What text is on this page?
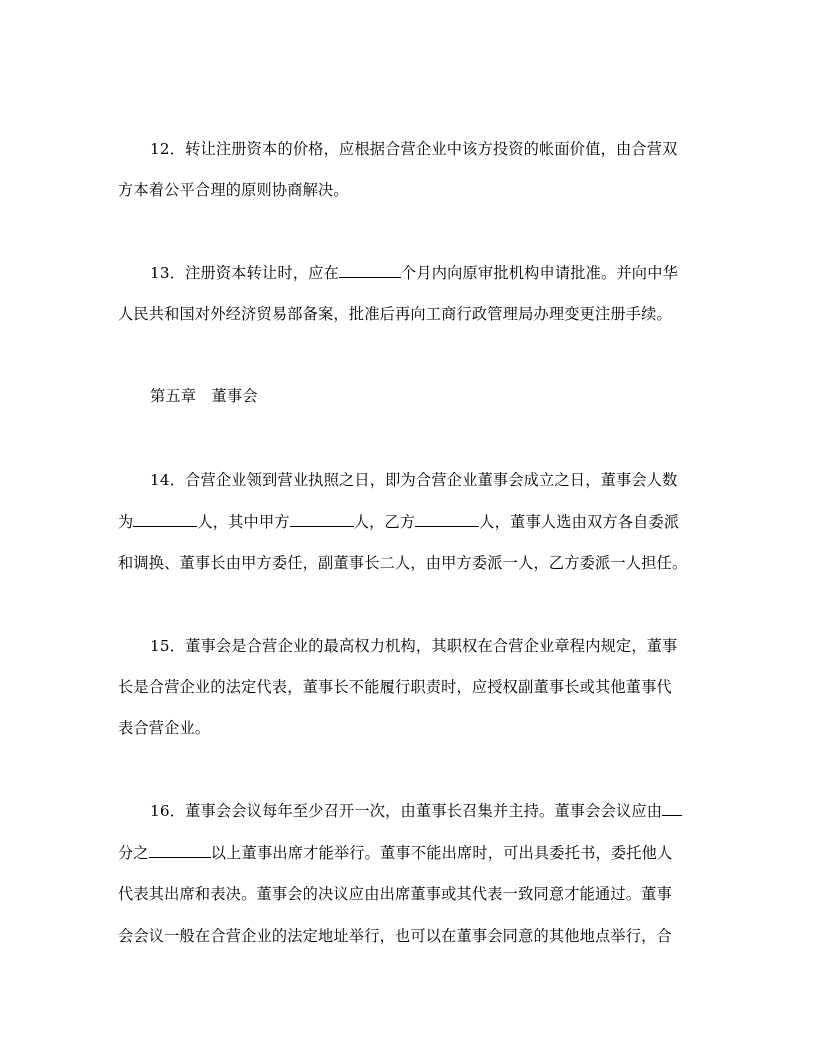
12．转让注册资本的价格，应根据合营企业中该方投资的帐面价值，由合营双
方本着公平合理的原则协商解决。
13．注册资本转让时，应在	个月内向原审批机构申请批准。并向中华
人民共和国对外经济贸易部备案，批准后再向工商行政管理局办理变更注册手续。
第五章　董事会
14．合营企业领到营业执照之日，即为合营企业董事会成立之日，董事会人数
为	人，其中甲方	人，乙方	人，董事人选由双方各自委派
和调换、董事长由甲方委任，副董事长二人，由甲方委派一人，乙方委派一人担任。
15．董事会是合营企业的最高权力机构，其职权在合营企业章程内规定，董事
长是合营企业的法定代表，董事长不能履行职责时，应授权副董事长或其他董事代
表合营企业。
16．董事会会议每年至少召开一次，由董事长召集并主持。董事会会议应由
分之	以上董事出席才能举行。董事不能出席时，可出具委托书，委托他人
代表其出席和表决。董事会的决议应由出席董事或其代表一致同意才能通过。董事
会会议一般在合营企业的法定地址举行，也可以在董事会同意的其他地点举行，合
